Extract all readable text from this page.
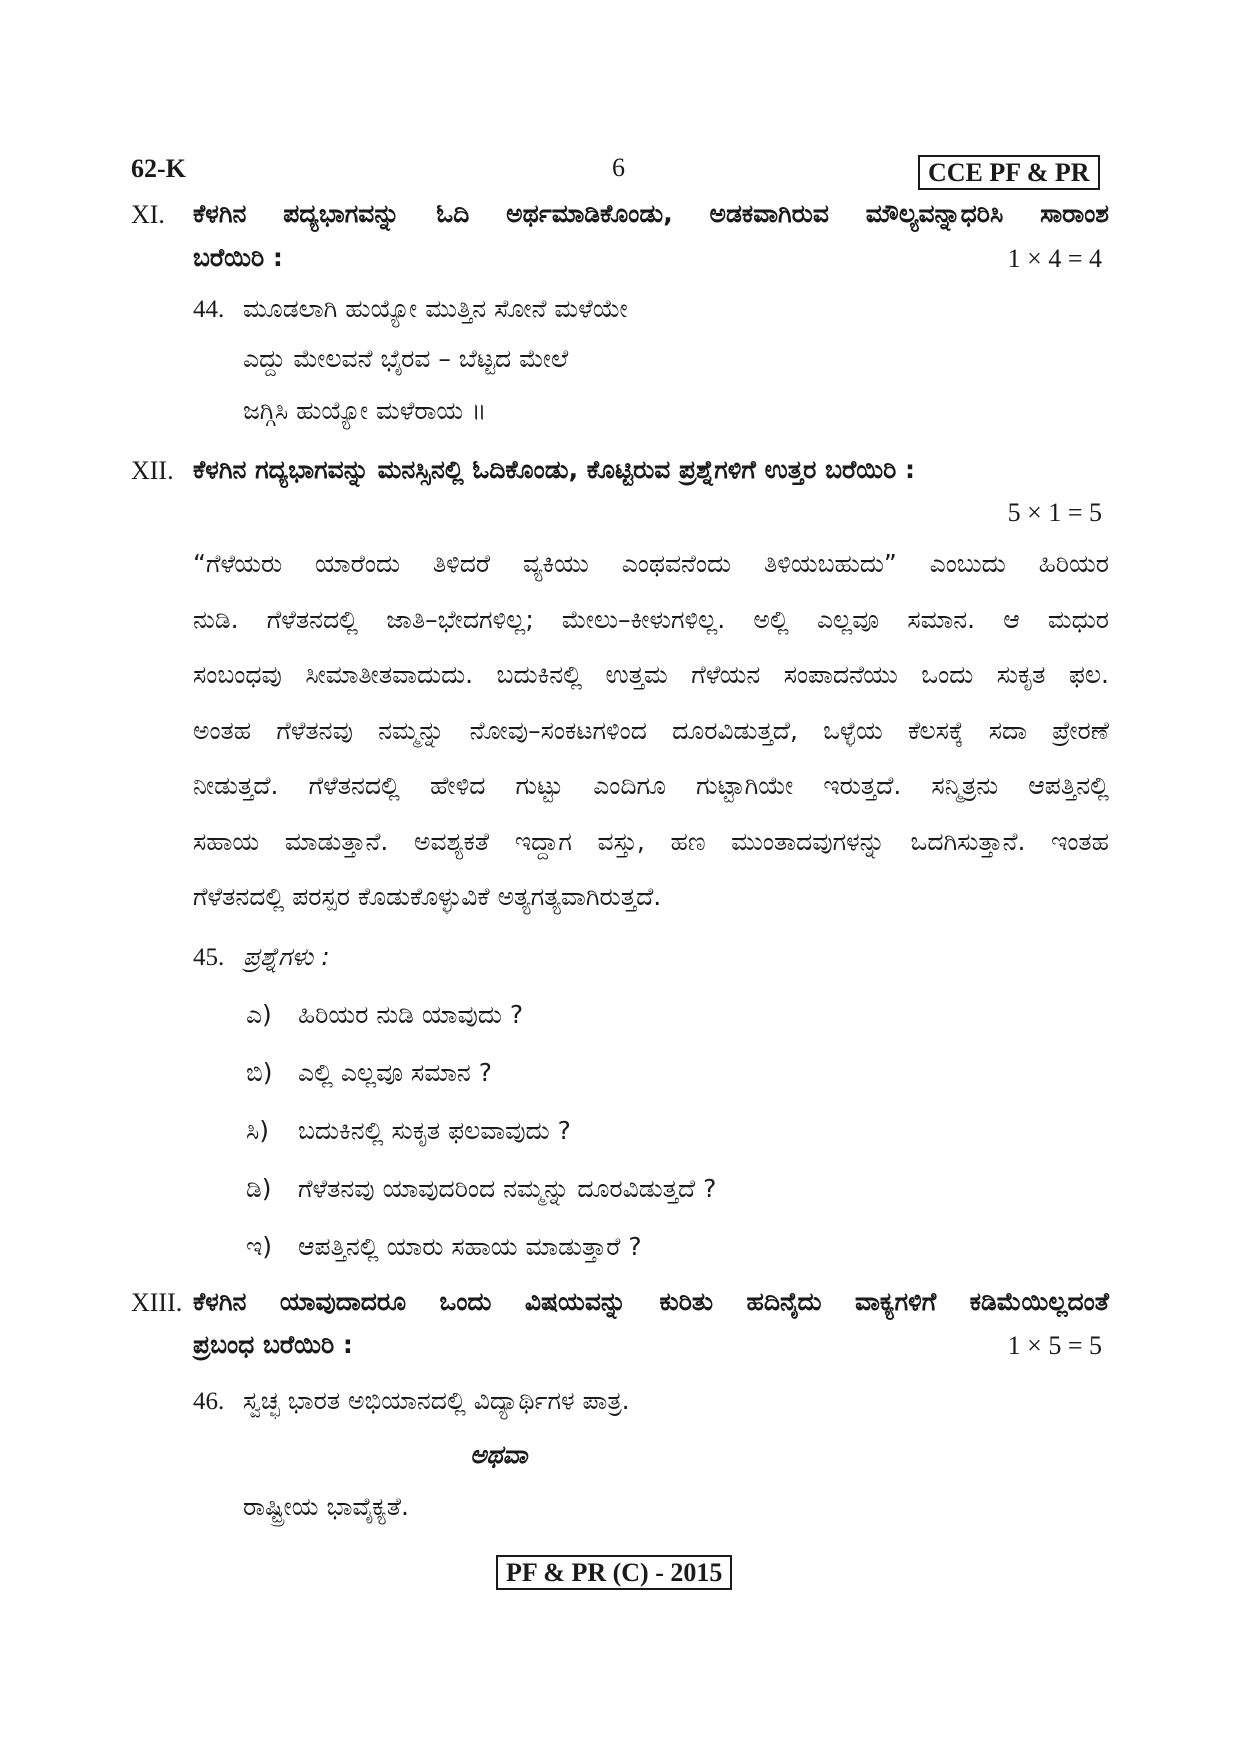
62-K	6	CCE PF & PR
XI. ಕೆಳಗಿನ ಪದ್ಯಭಾಗವನ್ನು ಓದಿ ಅರ್ಥಮಾಡಿಕೊಂಡು, ಅಡಕವಾಗಿರುವ ಮೌಲ್ಯವನ್ನಾಧರಿಸಿ ಸಾರಾಂಶ
ಬರೆಯಿರಿ :	1 × 4 = 4
44. ಮೂಡಲಾಗಿ ಹುಯ್ಯೋ ಮುತ್ತಿನ ಸೋನೆ ಮಳೆಯೇ
ಎದ್ದು ಮೇಲವನೆ ಭೈರವ – ಬೆಟ್ಟದ ಮೇಲೆ
ಜಗ್ಗಿಸಿ ಹುಯ್ಯೋ ಮಳೆರಾಯ ॥
XII. ಕೆಳಗಿನ ಗದ್ಯಭಾಗವನ್ನು ಮನಸ್ಸಿನಲ್ಲಿ ಓದಿಕೊಂಡು, ಕೊಟ್ಟಿರುವ ಪ್ರಶ್ನೆಗಳಿಗೆ ಉತ್ತರ ಬರೆಯಿರಿ :
5 × 1 = 5
“ಗೆಳೆಯರು ಯಾರೆಂದು ತಿಳಿದರೆ ವ್ಯಕಿಯು ಎಂಥವನೆಂದು ತಿಳಿಯಬಹುದು” ಎಂಬುದು ಹಿರಿಯರ
ನುಡಿ. ಗೆಳೆತನದಲ್ಲಿ ಜಾತಿ–ಭೇದಗಳಿಲ್ಲ; ಮೇಲು–ಕೀಳುಗಳಿಲ್ಲ. ಅಲ್ಲಿ ಎಲ್ಲವೂ ಸಮಾನ. ಆ ಮಧುರ
ಸಂಬಂಧವು ಸೀಮಾತೀತವಾದುದು. ಬದುಕಿನಲ್ಲಿ ಉತ್ತಮ ಗೆಳೆಯನ ಸಂಪಾದನೆಯು ಒಂದು ಸುಕೃತ ಫಲ.
ಅಂತಹ ಗೆಳೆತನವು ನಮ್ಮನ್ನು ನೋವು–ಸಂಕಟಗಳಿಂದ ದೂರವಿಡುತ್ತದೆ, ಒಳ್ಳೆಯ ಕೆಲಸಕ್ಕೆ ಸದಾ ಪ್ರೇರಣೆ
ನೀಡುತ್ತದೆ. ಗೆಳೆತನದಲ್ಲಿ ಹೇಳಿದ ಗುಟ್ಟು ಎಂದಿಗೂ ಗುಟ್ಟಾಗಿಯೇ ಇರುತ್ತದೆ. ಸನ್ಮಿತ್ರನು ಆಪತ್ತಿನಲ್ಲಿ
ಸಹಾಯ ಮಾಡುತ್ತಾನೆ. ಅವಶ್ಯಕತೆ ಇದ್ದಾಗ ವಸ್ತು, ಹಣ ಮುಂತಾದವುಗಳನ್ನು ಒದಗಿಸುತ್ತಾನೆ. ಇಂತಹ
ಗೆಳೆತನದಲ್ಲಿ ಪರಸ್ಪರ ಕೊಡುಕೊಳ್ಳುವಿಕೆ ಅತ್ಯಗತ್ಯವಾಗಿರುತ್ತದೆ.
45. ಪ್ರಶ್ನೆಗಳು :
ಎ) ಹಿರಿಯರ ನುಡಿ ಯಾವುದು ?
ಬಿ) ಎಲ್ಲಿ ಎಲ್ಲವೂ ಸಮಾನ ?
ಸಿ) ಬದುಕಿನಲ್ಲಿ ಸುಕೃತ ಫಲವಾವುದು ?
ಡಿ) ಗೆಳೆತನವು ಯಾವುದರಿಂದ ನಮ್ಮನ್ನು ದೂರವಿಡುತ್ತದೆ ?
ಇ) ಆಪತ್ತಿನಲ್ಲಿ ಯಾರು ಸಹಾಯ ಮಾಡುತ್ತಾರೆ ?
XIII. ಕೆಳಗಿನ ಯಾವುದಾದರೂ ಒಂದು ವಿಷಯವನ್ನು ಕುರಿತು ಹದಿನೈದು ವಾಕ್ಯಗಳಿಗೆ ಕಡಿಮೆಯಿಲ್ಲದಂತೆ
ಪ್ರಬಂಧ ಬರೆಯಿರಿ :	1 × 5 = 5
46. ಸ್ವಚ್ಛ ಭಾರತ ಅಭಿಯಾನದಲ್ಲಿ ವಿದ್ಯಾರ್ಥಿಗಳ ಪಾತ್ರ.
ಅಥವಾ
ರಾಷ್ಟ್ರೀಯ ಭಾವೈಕ್ಯತೆ.
PF & PR (C) - 2015
